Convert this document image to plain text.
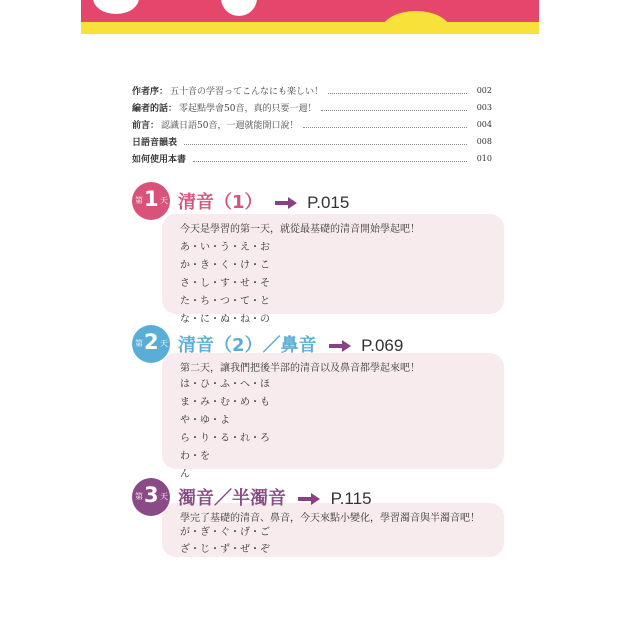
作者序： 五十音の学習ってこんなにも楽しい！	002
編者的話： 零起點學會50音，真的只要一週！	003
前言： 認識日語50音，一週就能開口說！	004
日語音韻表	008
如何使用本書	010
今天是學習的第一天，就從最基礎的清音開始學起吧！
あ・い・う・え・お
か・き・く・け・こ
さ・し・す・せ・そ
た・ち・つ・て・と
な・に・ぬ・ね・の
第 1 天 清音（1）	P.015
第二天，讓我們把後半部的清音以及鼻音都學起來吧！
は・ひ・ふ・へ・ほ
ま・み・む・め・も
や・ゆ・よ
ら・り・る・れ・ろ
わ・を
ん
第 2 天 清音（2）／鼻音	P.069
學完了基礎的清音、鼻音，今天來點小變化，學習濁音與半濁音吧！
が・ぎ・ぐ・げ・ご
ざ・じ・ず・ぜ・ぞ
第 3 天 濁音／半濁音	P.115
